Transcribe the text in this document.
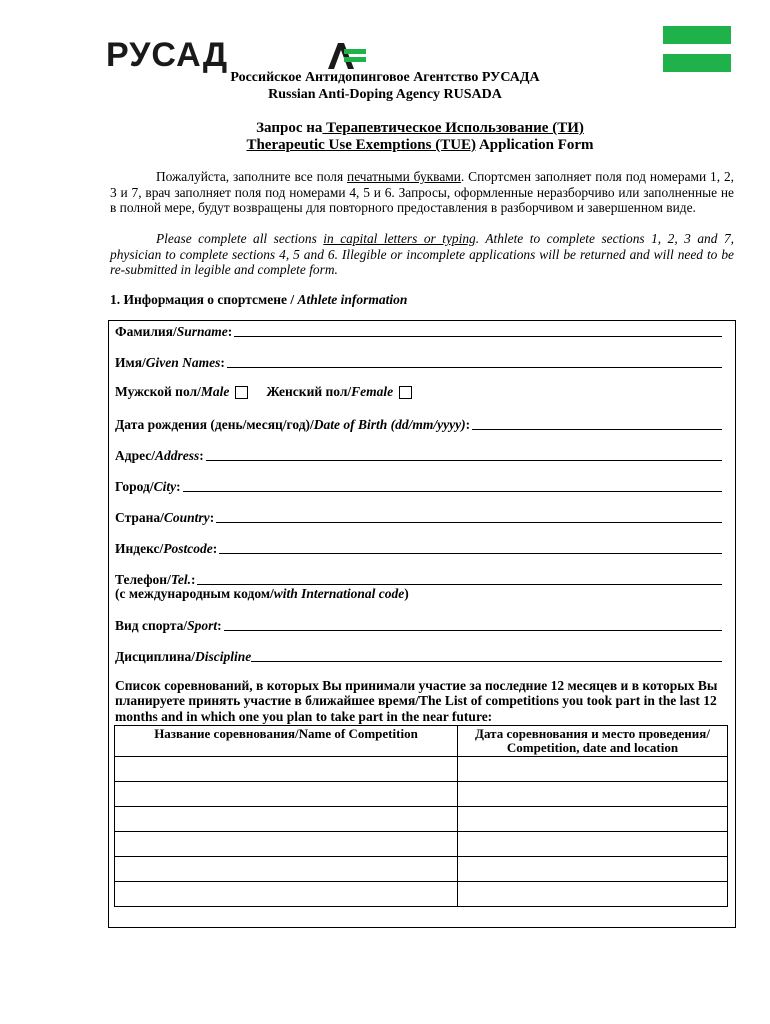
РУСАД
Российское Антидопинговое Агентство РУСАДА
Russian Anti-Doping Agency RUSADA
Запрос на Терапевтическое Использование (ТИ)
Therapeutic Use Exemptions (TUE) Application Form
Пожалуйста, заполните все поля печатными буквами. Спортсмен заполняет поля под номерами 1, 2, 3 и 7, врач заполняет поля под номерами 4, 5 и 6. Запросы, оформленные неразборчиво или заполненные не в полной мере, будут возвращены для повторного предоставления в разборчивом и завершенном виде.
Please complete all sections in capital letters or typing. Athlete to complete sections 1, 2, 3 and 7, physician to complete sections 4, 5 and 6. Illegible or incomplete applications will be returned and will need to be re-submitted in legible and complete form.
1. Информация о спортсмене / Athlete information
Фамилия/Surname:
Имя/Given Names:
Мужской пол/Male	Женский пол/Female
Дата рождения (день/месяц/год)/Date of Birth (dd/mm/yyyy):
Адрес/Address:
Город/City:
Страна/Country:
Индекс/Postcode:
Телефон/Tel.:
(с международным кодом/with International code)
Вид спорта/Sport:
Дисциплина/Discipline
Список соревнований, в которых Вы принимали участие за последние 12 месяцев и в которых Вы планируете принять участие в ближайшее время/The List of competitions you took part in the last 12 months and in which one you plan to take part in the near future:
Название соревнования/Name of Competition	Дата соревнования и место проведения/ Competition, date and location
